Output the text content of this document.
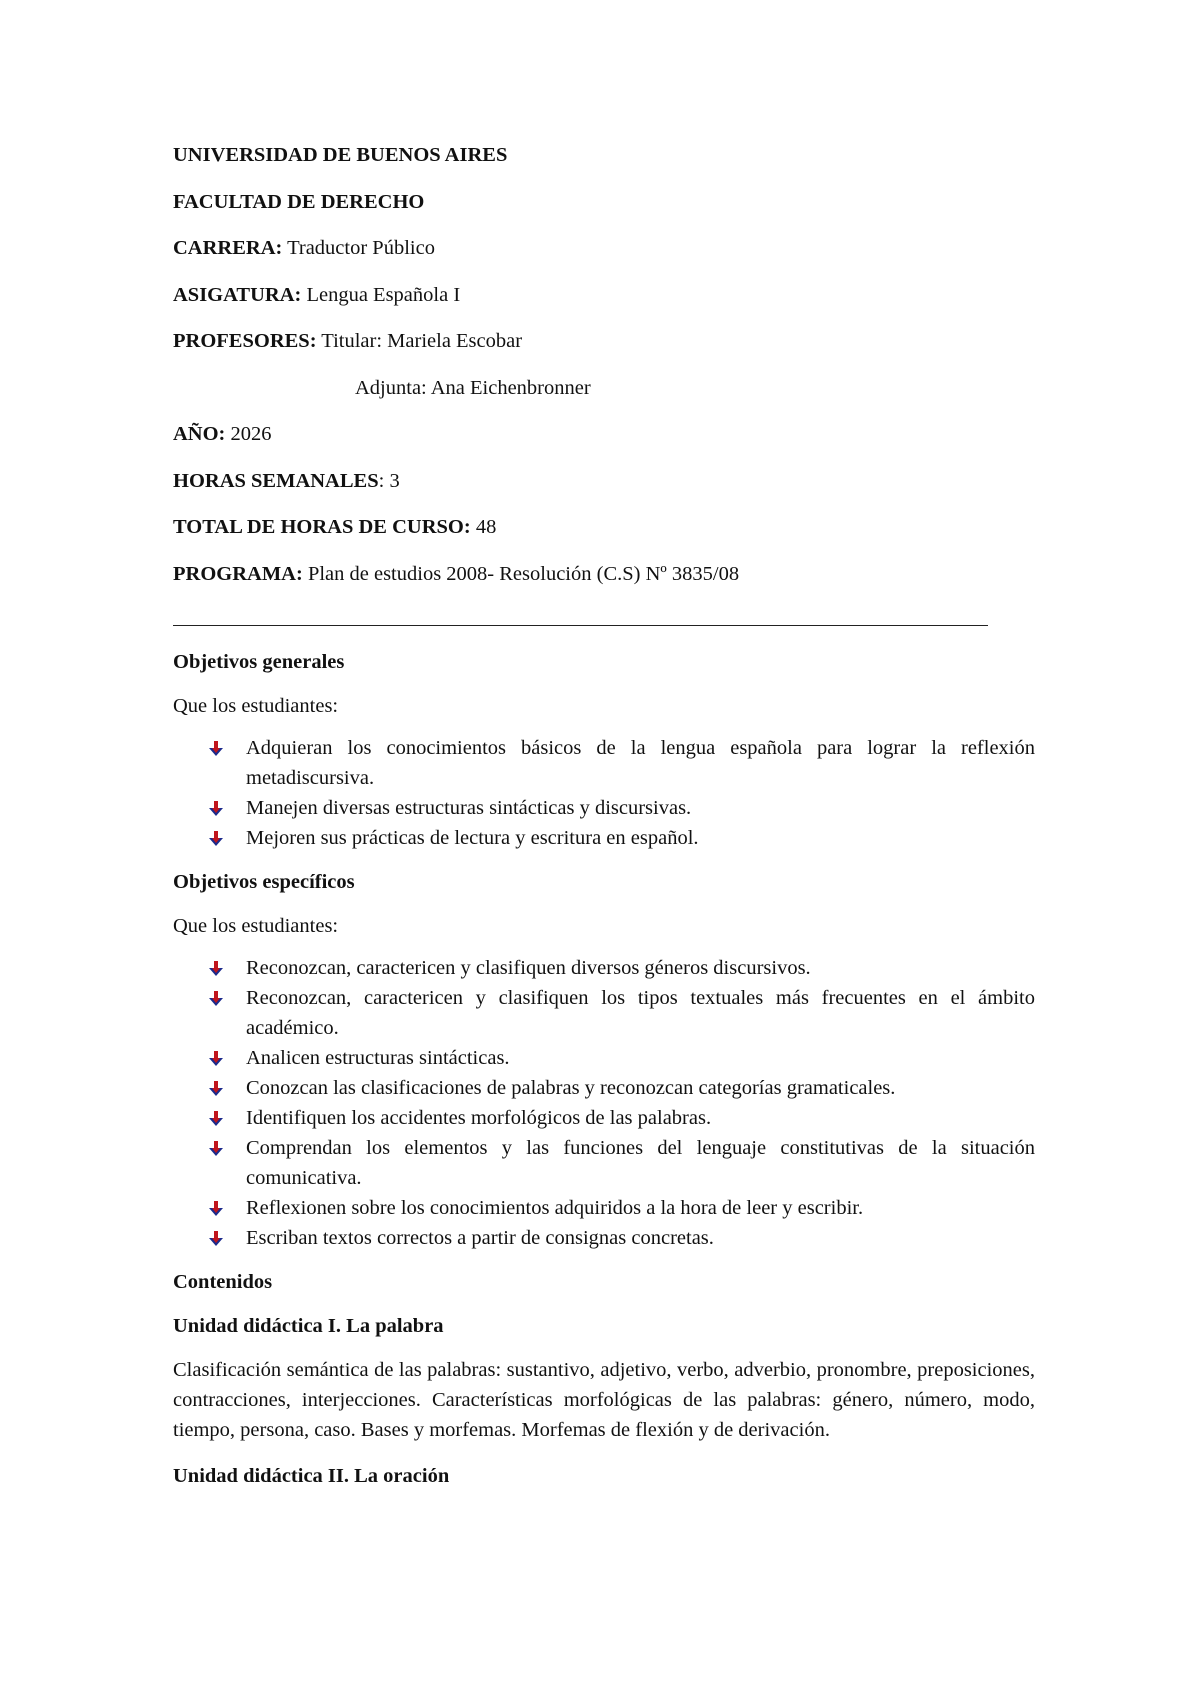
UNIVERSIDAD DE BUENOS AIRES
FACULTAD DE DERECHO
CARRERA: Traductor Público
ASIGATURA: Lengua Española I
PROFESORES: Titular: Mariela Escobar
Adjunta: Ana Eichenbronner
AÑO: 2026
HORAS SEMANALES: 3
TOTAL DE HORAS DE CURSO: 48
PROGRAMA: Plan de estudios 2008- Resolución (C.S) Nº 3835/08
Objetivos generales
Que los estudiantes:
Adquieran los conocimientos básicos de la lengua española para lograr la reflexión metadiscursiva.
Manejen diversas estructuras sintácticas y discursivas.
Mejoren sus prácticas de lectura y escritura en español.
Objetivos específicos
Que los estudiantes:
Reconozcan, caractericen y clasifiquen diversos géneros discursivos.
Reconozcan, caractericen y clasifiquen los tipos textuales más frecuentes en el ámbito académico.
Analicen estructuras sintácticas.
Conozcan las clasificaciones de palabras y reconozcan categorías gramaticales.
Identifiquen los accidentes morfológicos de las palabras.
Comprendan los elementos y las funciones del lenguaje constitutivas de la situación comunicativa.
Reflexionen sobre los conocimientos adquiridos a la hora de leer y escribir.
Escriban textos correctos a partir de consignas concretas.
Contenidos
Unidad didáctica I. La palabra
Clasificación semántica de las palabras: sustantivo, adjetivo, verbo, adverbio, pronombre, preposiciones, contracciones, interjecciones. Características morfológicas de las palabras: género, número, modo, tiempo, persona, caso. Bases y morfemas. Morfemas de flexión y de derivación.
Unidad didáctica II. La oración
